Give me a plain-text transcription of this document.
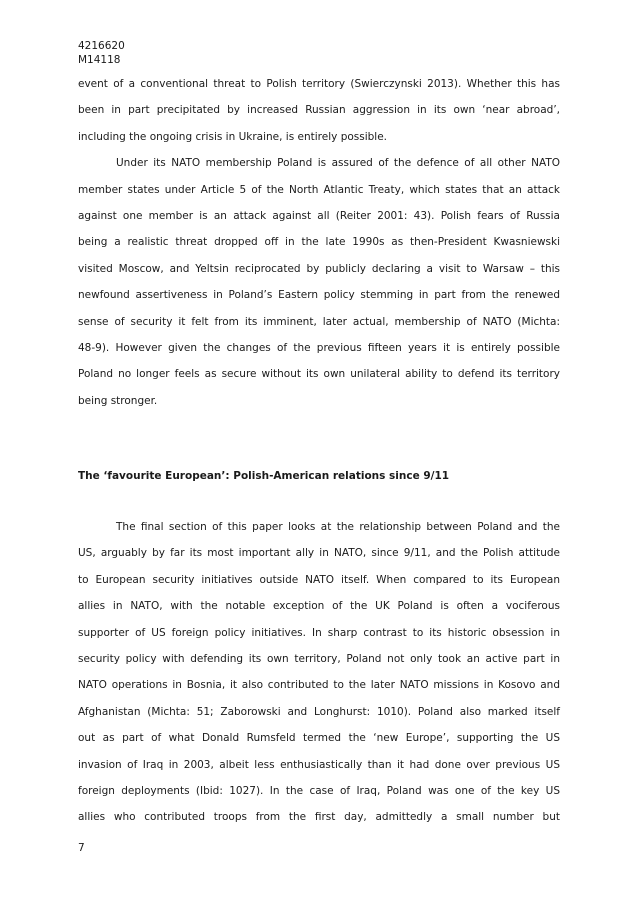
4216620
M14118
event of a conventional threat to Polish territory (Swierczynski 2013). Whether this has
been in part precipitated by increased Russian aggression in its own ‘near abroad’,
including the ongoing crisis in Ukraine, is entirely possible.
Under its NATO membership Poland is assured of the defence of all other NATO
member states under Article 5 of the North Atlantic Treaty, which states that an attack
against one member is an attack against all (Reiter 2001: 43). Polish fears of Russia
being a realistic threat dropped off in the late 1990s as then-President Kwasniewski
visited Moscow, and Yeltsin reciprocated by publicly declaring a visit to Warsaw – this
newfound assertiveness in Poland’s Eastern policy stemming in part from the renewed
sense of security it felt from its imminent, later actual, membership of NATO (Michta:
48-9). However given the changes of the previous fifteen years it is entirely possible
Poland no longer feels as secure without its own unilateral ability to defend its territory
being stronger.
The ‘favourite European’: Polish-American relations since 9/11
The final section of this paper looks at the relationship between Poland and the
US, arguably by far its most important ally in NATO, since 9/11, and the Polish attitude
to European security initiatives outside NATO itself. When compared to its European
allies in NATO, with the notable exception of the UK Poland is often a vociferous
supporter of US foreign policy initiatives. In sharp contrast to its historic obsession in
security policy with defending its own territory, Poland not only took an active part in
NATO operations in Bosnia, it also contributed to the later NATO missions in Kosovo and
Afghanistan (Michta: 51; Zaborowski and Longhurst: 1010). Poland also marked itself
out as part of what Donald Rumsfeld termed the ‘new Europe’, supporting the US
invasion of Iraq in 2003, albeit less enthusiastically than it had done over previous US
foreign deployments (Ibid: 1027). In the case of Iraq, Poland was one of the key US
allies who contributed troops from the first day, admittedly a small number but
7
